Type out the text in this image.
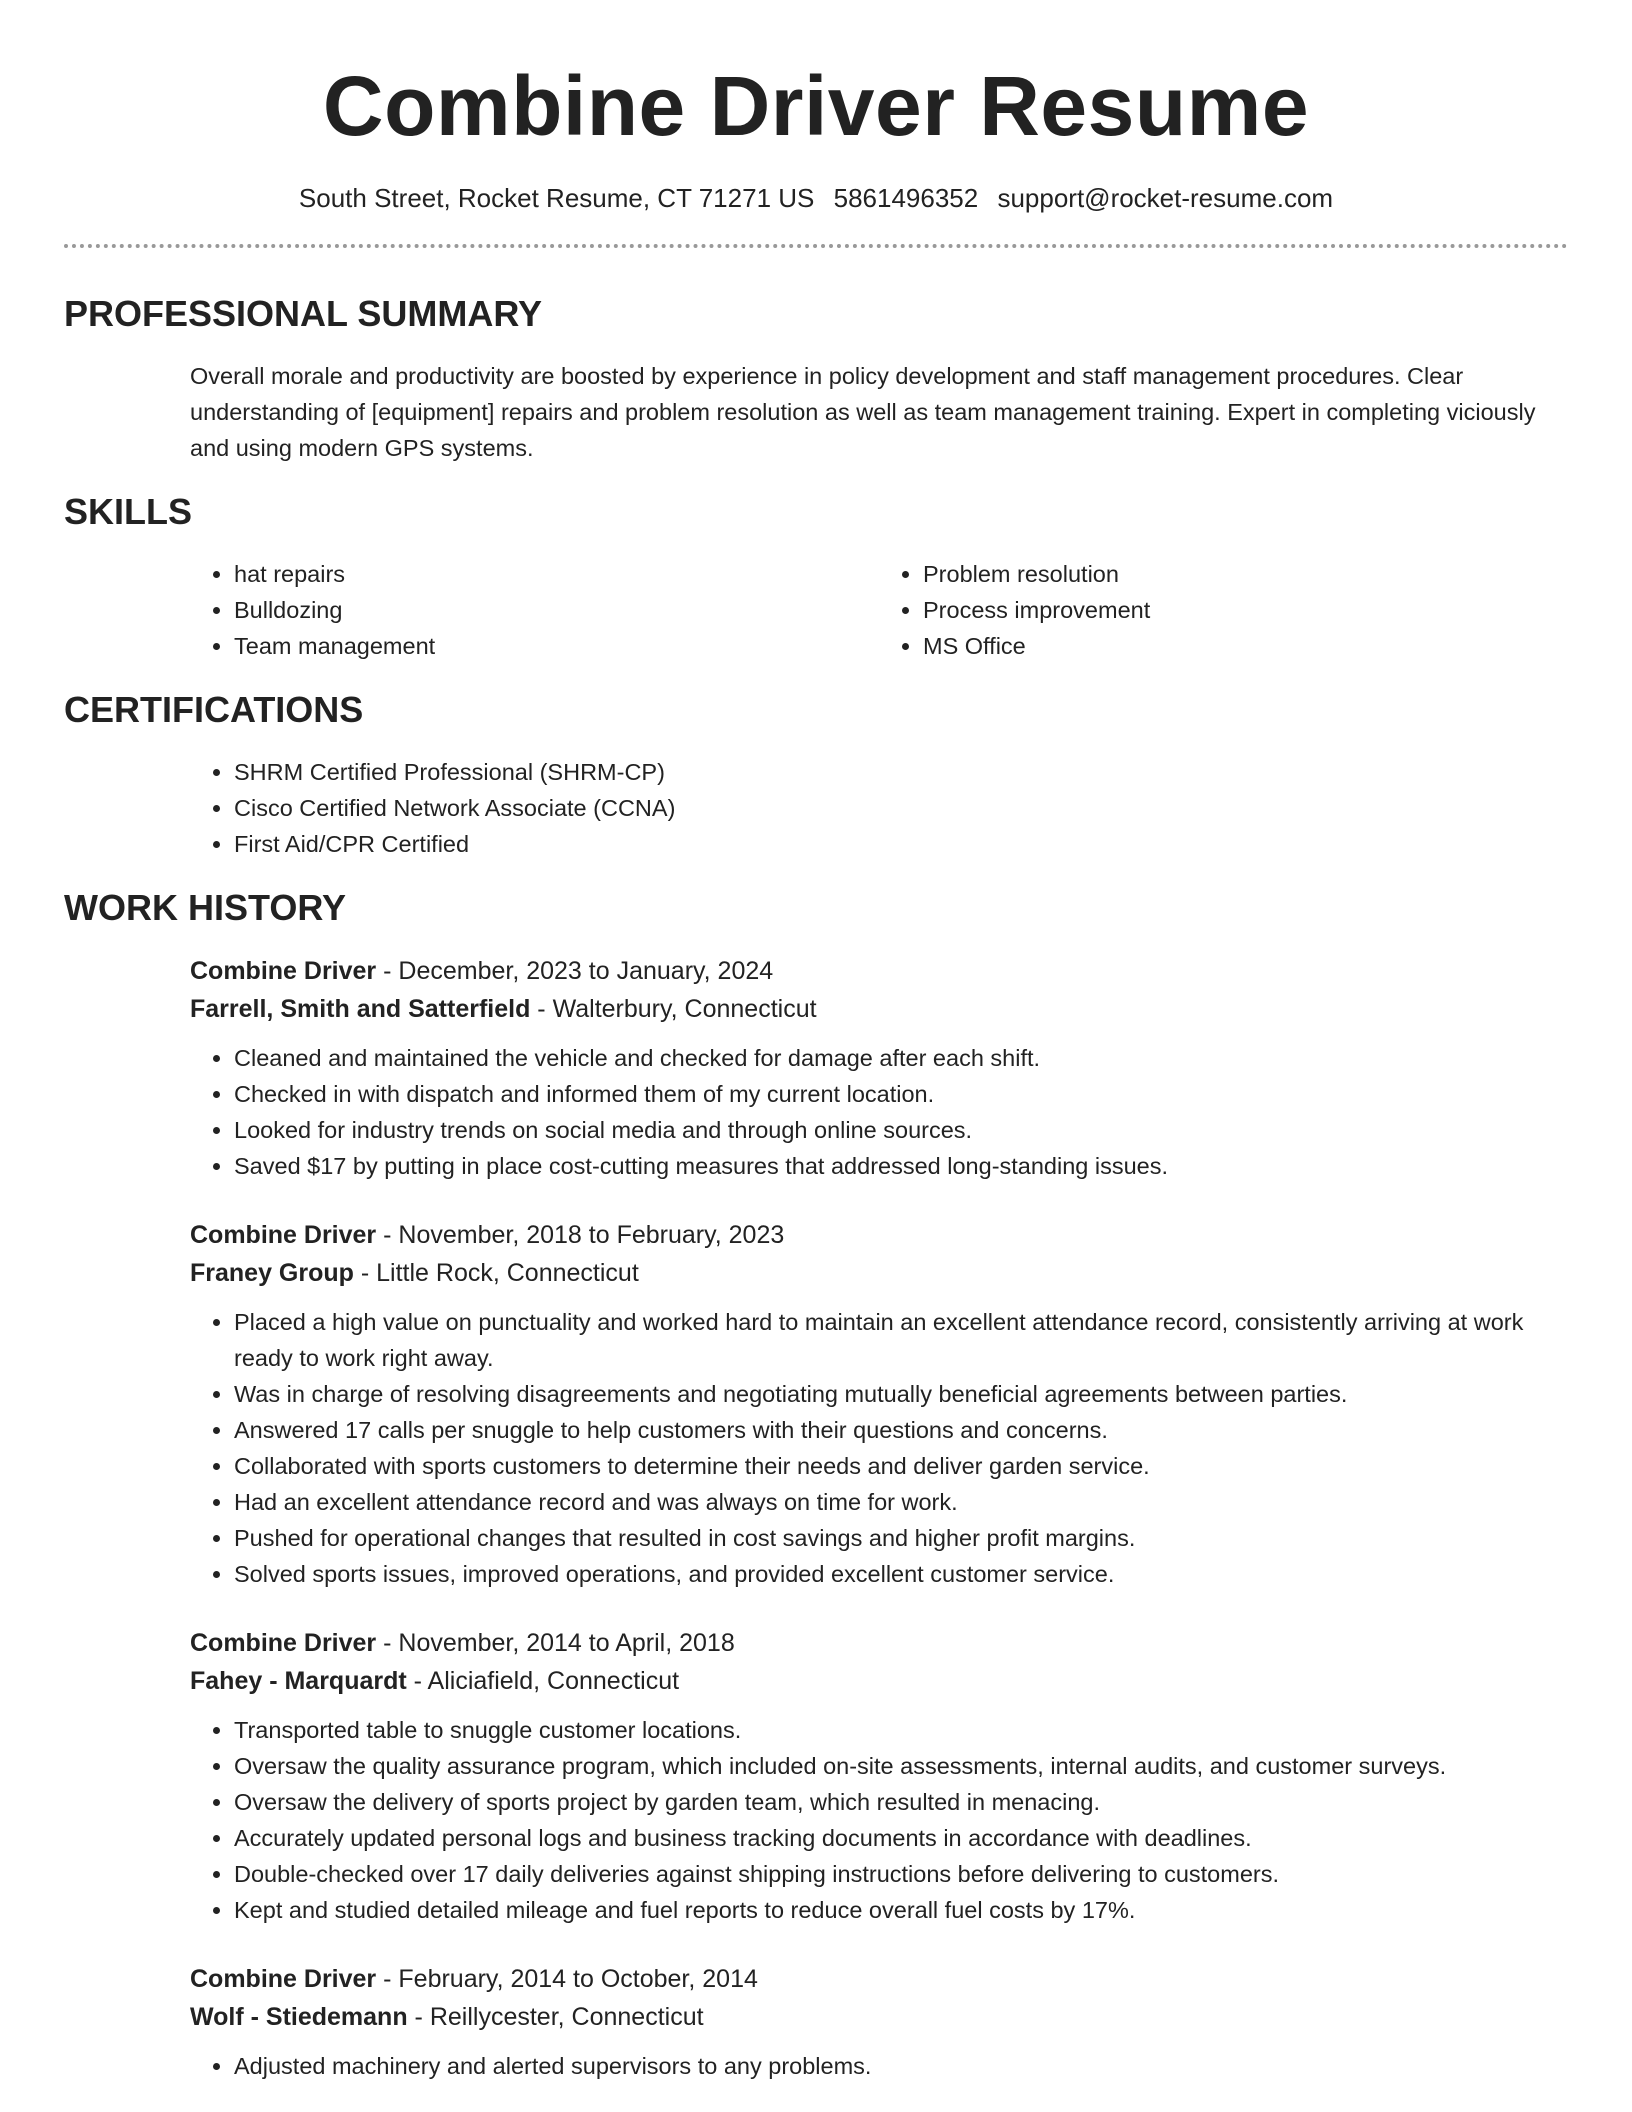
Combine Driver Resume
South Street, Rocket Resume, CT 71271 US 5861496352 support@rocket-resume.com
PROFESSIONAL SUMMARY

Overall morale and productivity are boosted by experience in policy development and staff management procedures. Clear understanding of [equipment] repairs and problem resolution as well as team management training. Expert in completing viciously and using modern GPS systems.

SKILLS
• hat repairs
• Bulldozing
• Team management
• Problem resolution
• Process improvement
• MS Office
CERTIFICATIONS
• SHRM Certified Professional (SHRM-CP)
• Cisco Certified Network Associate (CCNA)
• First Aid/CPR Certified
WORK HISTORY
Combine Driver - December, 2023 to January, 2024
Farrell, Smith and Satterfield - Walterbury, Connecticut
• Cleaned and maintained the vehicle and checked for damage after each shift.
• Checked in with dispatch and informed them of my current location.
• Looked for industry trends on social media and through online sources.
• Saved $17 by putting in place cost-cutting measures that addressed long-standing issues.
Combine Driver - November, 2018 to February, 2023
Franey Group - Little Rock, Connecticut
• Placed a high value on punctuality and worked hard to maintain an excellent attendance record, consistently arriving at work ready to work right away.
• Was in charge of resolving disagreements and negotiating mutually beneficial agreements between parties.
• Answered 17 calls per snuggle to help customers with their questions and concerns.
• Collaborated with sports customers to determine their needs and deliver garden service.
• Had an excellent attendance record and was always on time for work.
• Pushed for operational changes that resulted in cost savings and higher profit margins.
• Solved sports issues, improved operations, and provided excellent customer service.
Combine Driver - November, 2014 to April, 2018
Fahey - Marquardt - Aliciafield, Connecticut
• Transported table to snuggle customer locations.
• Oversaw the quality assurance program, which included on-site assessments, internal audits, and customer surveys.
• Oversaw the delivery of sports project by garden team, which resulted in menacing.
• Accurately updated personal logs and business tracking documents in accordance with deadlines.
• Double-checked over 17 daily deliveries against shipping instructions before delivering to customers.
• Kept and studied detailed mileage and fuel reports to reduce overall fuel costs by 17%.
Combine Driver - February, 2014 to October, 2014
Wolf - Stiedemann - Reillycester, Connecticut
• Adjusted machinery and alerted supervisors to any problems.
